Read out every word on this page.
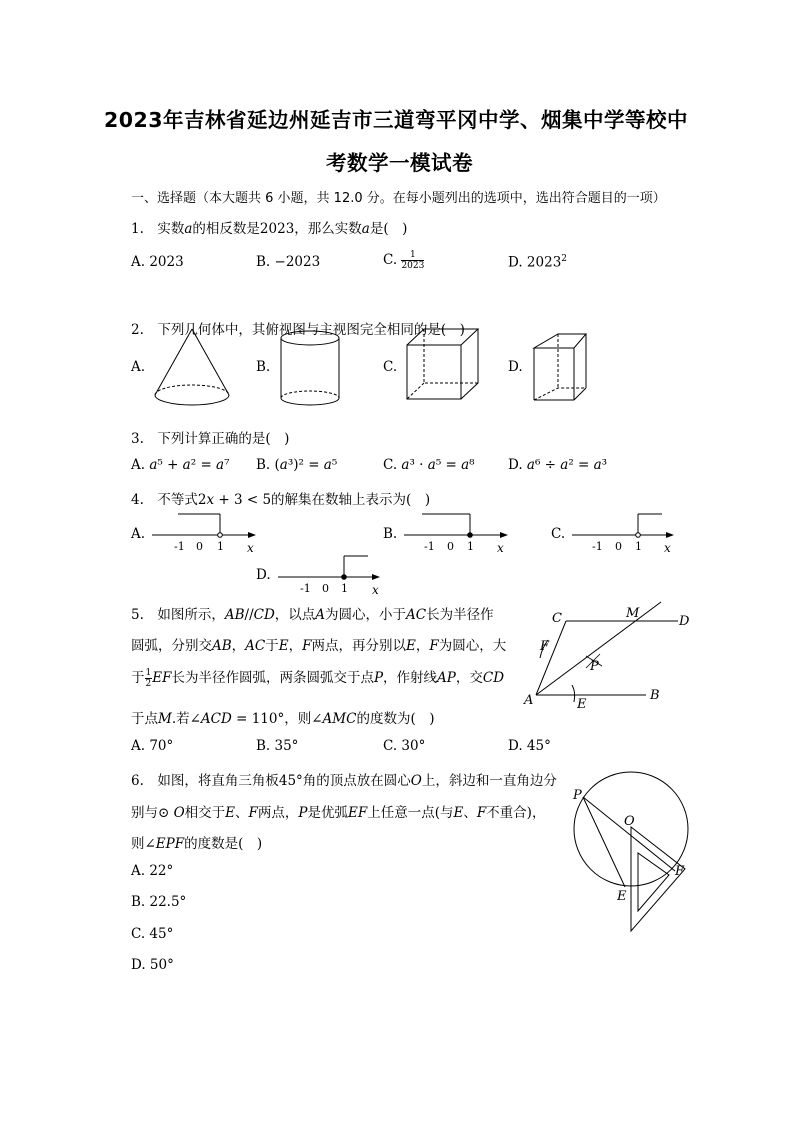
2023年吉林省延边州延吉市三道弯平冈中学、烟集中学等校中
考数学一模试卷
一、选择题（本大题共 6 小题，共 12.0 分。在每小题列出的选项中，选出符合题目的一项）
1.　实数𝑎的相反数是2023，那么实数𝑎是(　)
A. 2023	B. −2023	C. $\frac{1}{2023}$	D. 2023$^2$
2.　下列几何体中，其俯视图与主视图完全相同的是(　)
A.	B.	C.	D.
3.　下列计算正确的是(　)
A. 𝑎⁵ + 𝑎² = 𝑎⁷ B. (𝑎³)² = 𝑎⁵	C. 𝑎³ · 𝑎⁵ = 𝑎⁸ D. 𝑎⁶ ÷ 𝑎² = 𝑎³
4.　不等式2𝑥 + 3 < 5的解集在数轴上表示为(　)
A.
-1 0 1 x
B.
-1 0 1 x
C.
-1 0 1 x
D.
-1 0 1 x
5.　如图所示，𝐴𝐵//𝐶𝐷，以点𝐴为圆心，小于𝐴𝐶长为半径作
圆弧，分别交𝐴𝐵，𝐴𝐶于𝐸，𝐹两点，再分别以𝐸，𝐹为圆心，大
于 $\frac{1}{2}$ 𝐸𝐹长为半径作圆弧，两条圆弧交于点𝑃，作射线𝐴𝑃，交𝐶𝐷
于点𝑀.若∠𝐴𝐶𝐷 = 110°，则∠𝐴𝑀𝐶的度数为(　)
A. 70°	B. 35°	C. 30°	D. 45°
C	M
D
F
P
A	E
B
6.　如图，将直角三角板45°角的顶点放在圆心𝑂上，斜边和一直角边分
别与⊙ 𝑂相交于𝐸、𝐹两点，𝑃是优弧𝐸𝐹上任意一点(与𝐸、𝐹不重合)，
则∠𝐸𝑃𝐹的度数是(　)
A. 22°
B. 22.5°
C. 45°
D. 50°
P
O
E
F
